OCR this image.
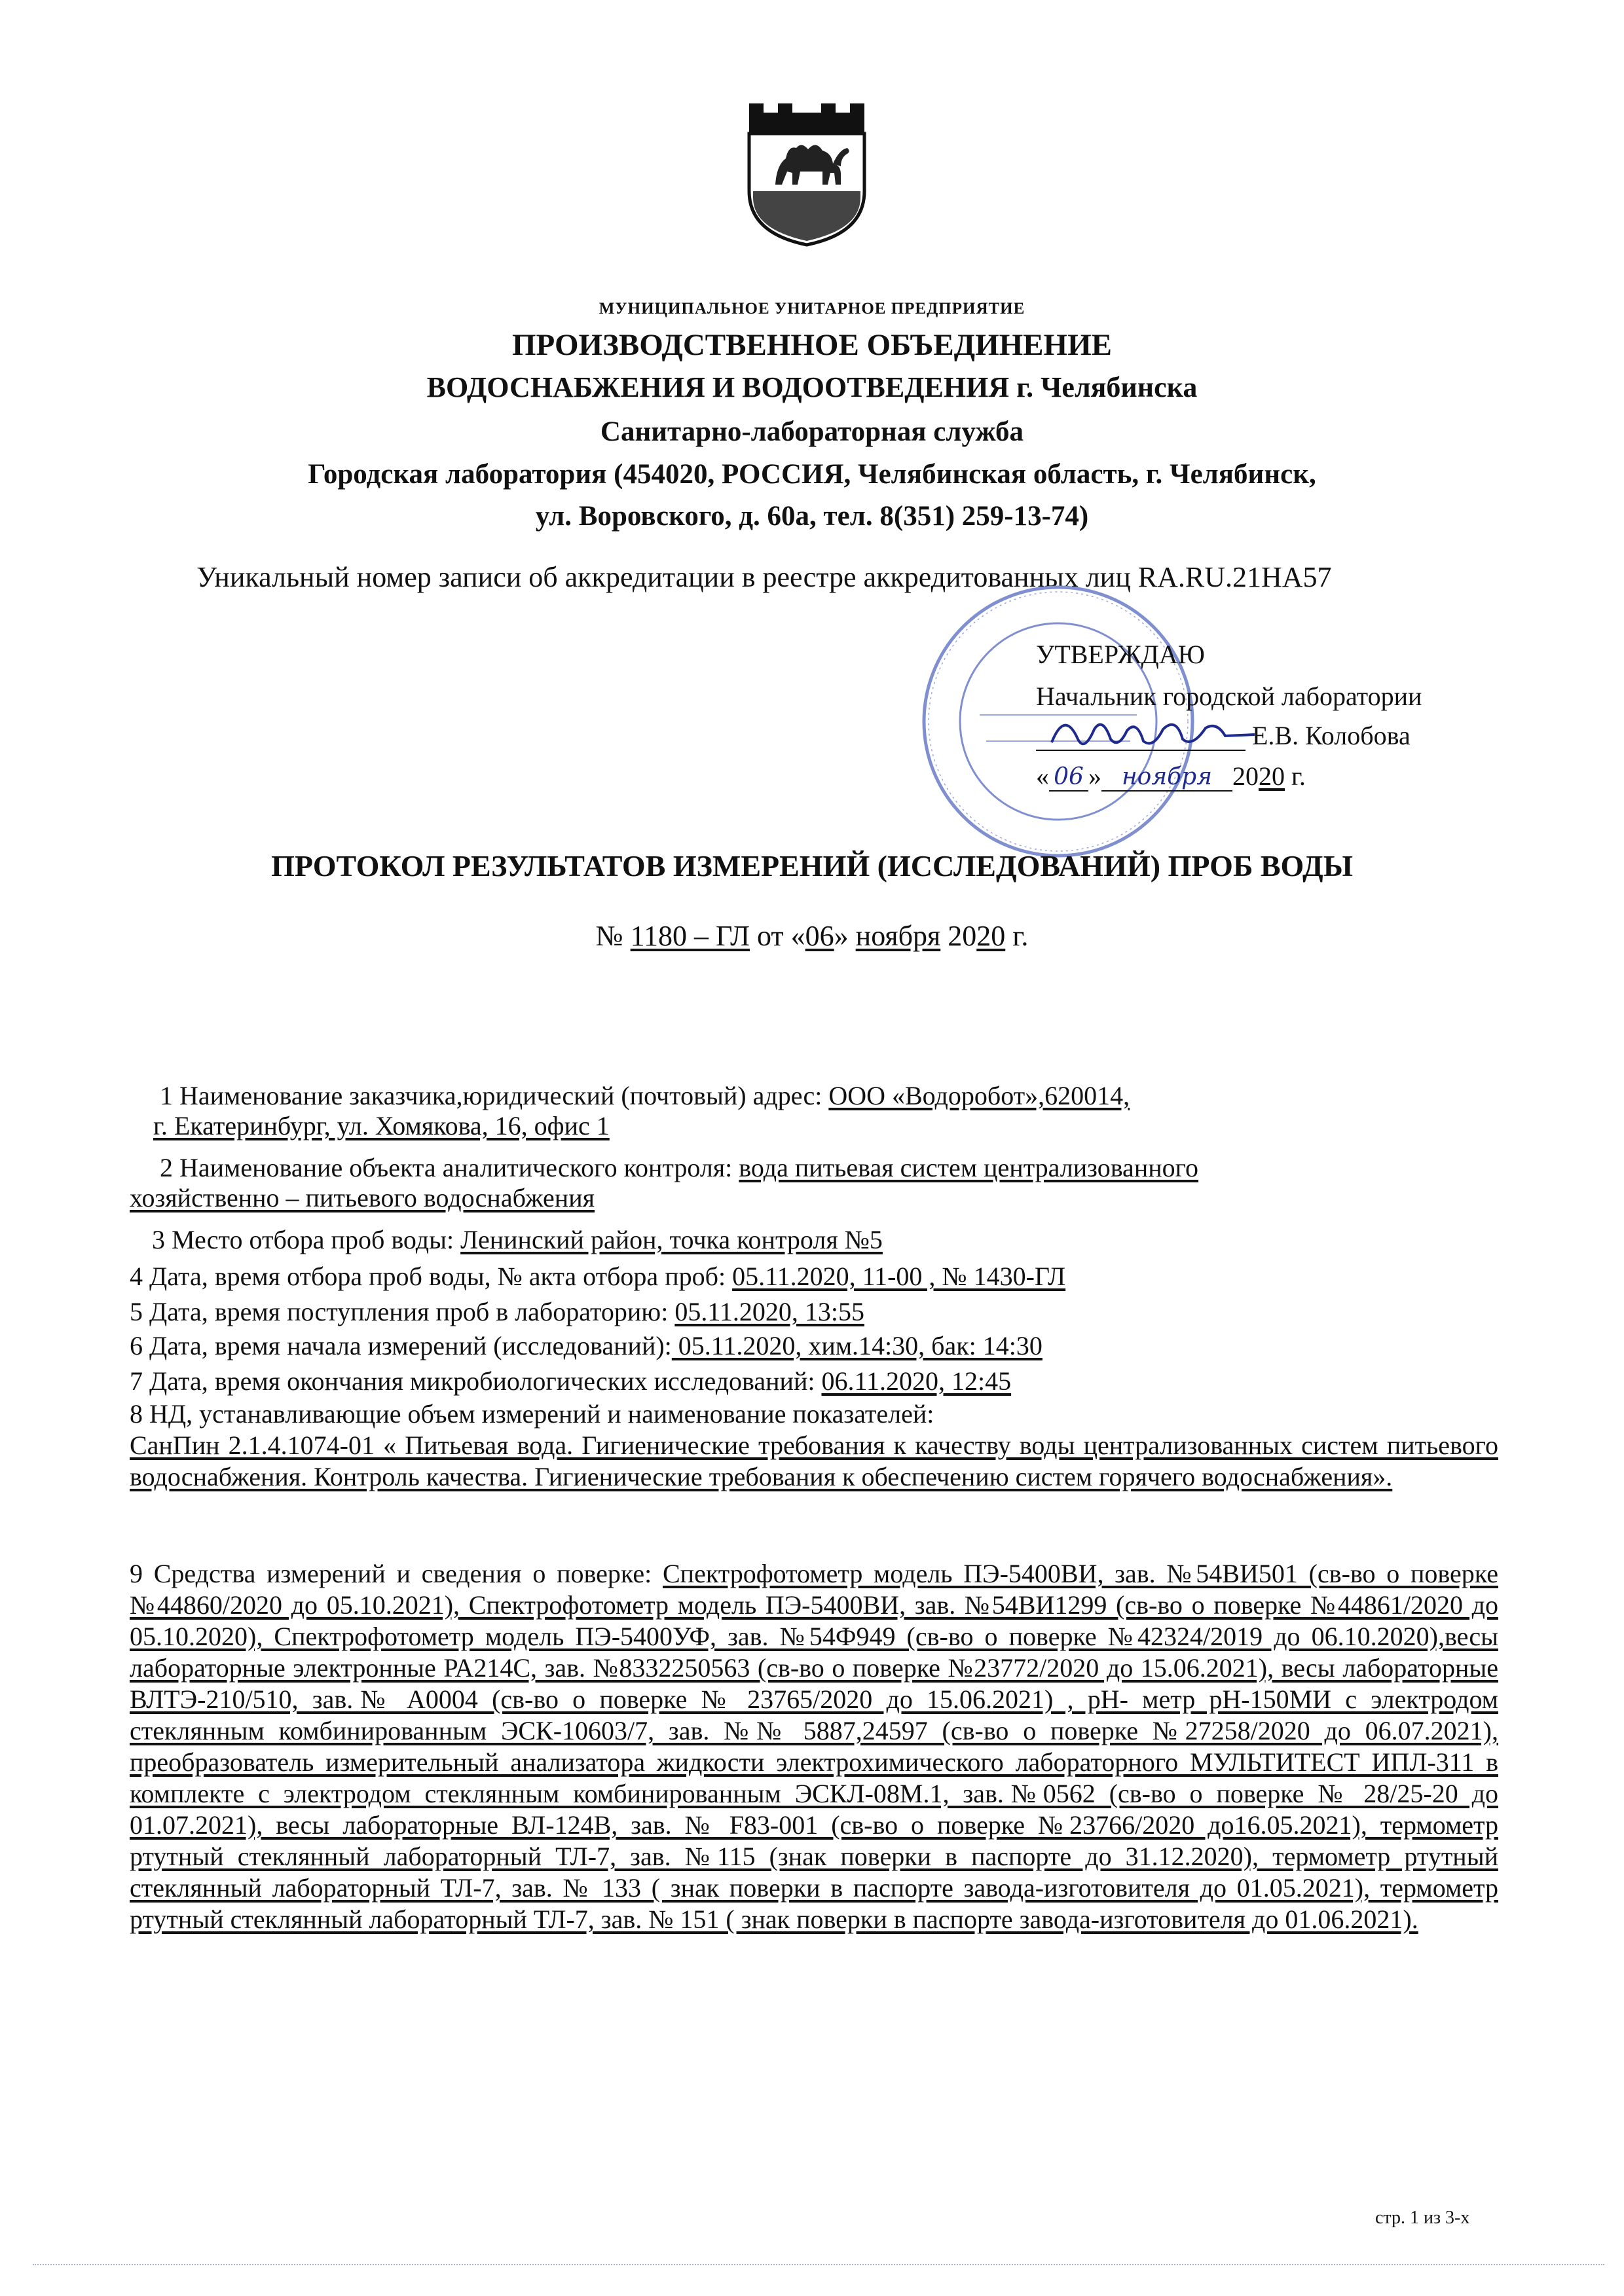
МУНИЦИПАЛЬНОЕ УНИТАРНОЕ ПРЕДПРИЯТИЕ
ПРОИЗВОДСТВЕННОЕ ОБЪЕДИНЕНИЕ
ВОДОСНАБЖЕНИЯ И ВОДООТВЕДЕНИЯ г. Челябинска
Санитарно-лабораторная служба
Городская лаборатория (454020, РОССИЯ, Челябинская область, г. Челябинск,
ул. Воровского, д. 60а, тел. 8(351) 259-13-74)
Уникальный номер записи об аккредитации в реестре аккредитованных лиц RA.RU.21HA57
УТВЕРЖДАЮ
Начальник городской лаборатории
Е.В. Колобова
« 06 » ноября 2020 г.
ПРОТОКОЛ РЕЗУЛЬТАТОВ ИЗМЕРЕНИЙ (ИССЛЕДОВАНИЙ) ПРОБ ВОДЫ
№ 1180 – ГЛ от «06» ноября 2020 г.
1 Наименование заказчика,юридический (почтовый) адрес: ООО «Водоробот»,620014,
г. Екатеринбург, ул. Хомякова, 16, офис 1
2 Наименование объекта аналитического контроля: вода питьевая систем централизованного
хозяйственно – питьевого водоснабжения
3 Место отбора проб воды: Ленинский район, точка контроля №5
4 Дата, время отбора проб воды, № акта отбора проб: 05.11.2020, 11-00 , № 1430-ГЛ
5 Дата, время поступления проб в лабораторию: 05.11.2020, 13:55
6 Дата, время начала измерений (исследований): 05.11.2020, хим.14:30, бак: 14:30
7 Дата, время окончания микробиологических исследований: 06.11.2020, 12:45
8 НД, устанавливающие объем измерений и наименование показателей:
СанПин 2.1.4.1074-01 « Питьевая вода. Гигиенические требования к качеству воды централизованных систем питьевого водоснабжения. Контроль качества. Гигиенические требования к обеспечению систем горячего водоснабжения».
9 Средства измерений и сведения о поверке: Спектрофотометр модель ПЭ-5400ВИ, зав. №54ВИ501 (св-во о поверке №44860/2020 до 05.10.2021), Спектрофотометр модель ПЭ-5400ВИ, зав. №54ВИ1299 (св-во о поверке №44861/2020 до 05.10.2020), Спектрофотометр модель ПЭ-5400УФ, зав. №54Ф949 (св-во о поверке №42324/2019 до 06.10.2020),весы лабораторные электронные РА214С, зав. №8332250563 (св-во о поверке №23772/2020 до 15.06.2021), весы лабораторные ВЛТЭ-210/510, зав.№ А0004 (св-во о поверке № 23765/2020 до 15.06.2021) , рН- метр рН-150МИ с электродом стеклянным комбинированным ЭСК-10603/7, зав. №№ 5887,24597 (св-во о поверке №27258/2020 до 06.07.2021), преобразователь измерительный анализатора жидкости электрохимического лабораторного МУЛЬТИТЕСТ ИПЛ-311 в комплекте с электродом стеклянным комбинированным ЭСКЛ-08М.1, зав.№0562 (св-во о поверке № 28/25-20 до 01.07.2021), весы лабораторные ВЛ-124В, зав. № F83-001 (св-во о поверке №23766/2020 до16.05.2021), термометр ртутный стеклянный лабораторный ТЛ-7, зав. №115 (знак поверки в паспорте до 31.12.2020), термометр ртутный стеклянный лабораторный ТЛ-7, зав. № 133 ( знак поверки в паспорте завода-изготовителя до 01.05.2021), термометр ртутный стеклянный лабораторный ТЛ-7, зав. № 151 ( знак поверки в паспорте завода-изготовителя до 01.06.2021).
стр. 1 из 3-х
